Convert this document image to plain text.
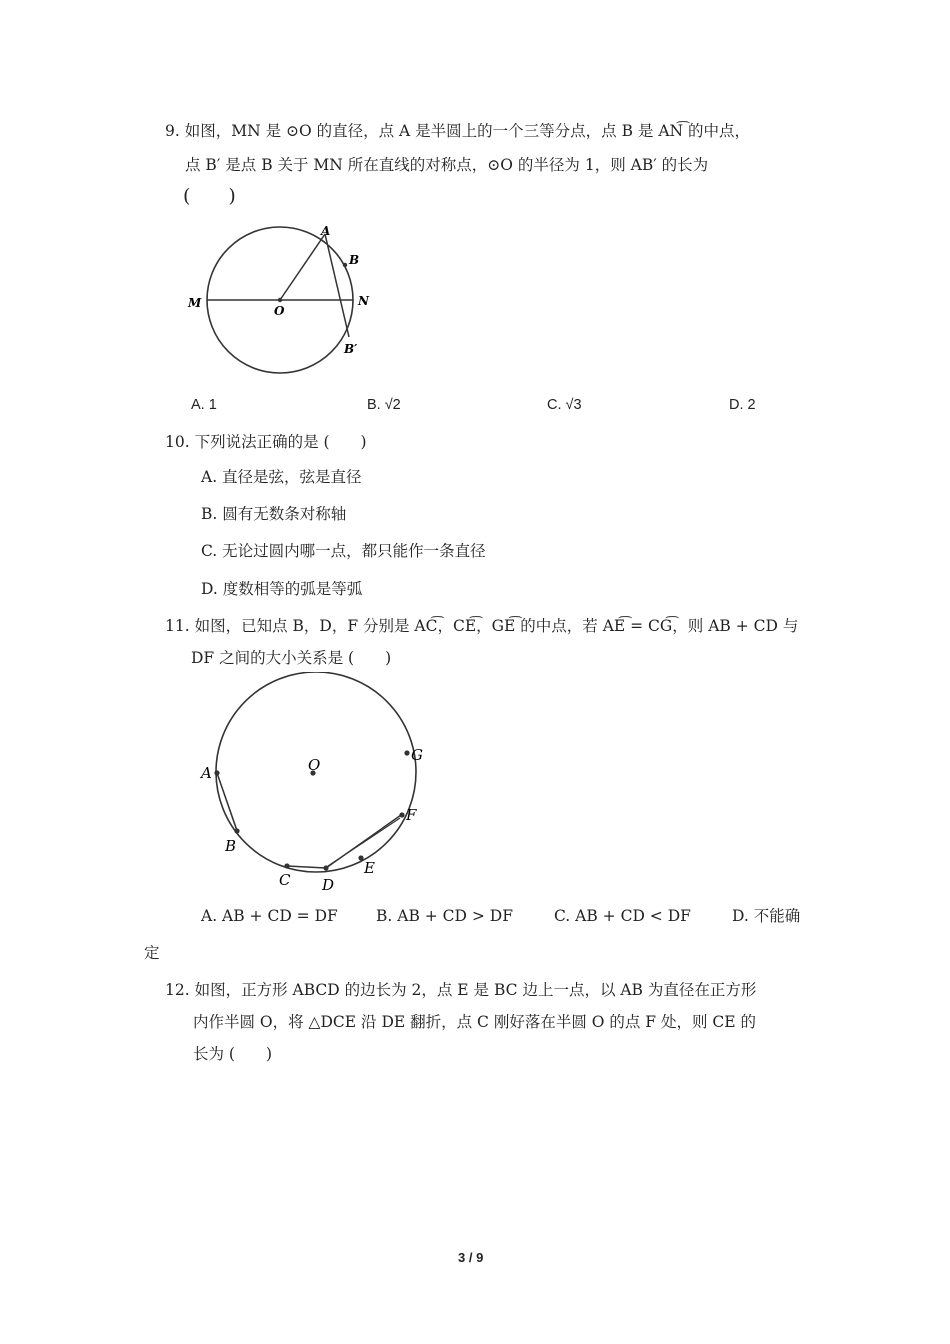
9. 如图，MN 是 ⊙O 的直径，点 A 是半圆上的一个三等分点，点 B 是 AN͡ 的中点，
点 B′ 是点 B 关于 MN 所在直线的对称点，⊙O 的半径为 1，则 AB′ 的长为
(　　)
A
B
M
O
N
B′
A. 1	B. √2	C. √3	D. 2
10. 下列说法正确的是 (　　)
A. 直径是弦，弦是直径
B. 圆有无数条对称轴
C. 无论过圆内哪一点，都只能作一条直径
D. 度数相等的弧是等弧
11. 如图，已知点 B，D，F 分别是 AC͡，CE͡，GE͡ 的中点，若 AE͡ = CG͡，则 AB + CD 与
DF 之间的大小关系是 (　　)
O
G
A
F
B
E
C D
A. AB + CD = DF B. AB + CD > DF	C. AB + CD < DF	D. 不能确
定
12. 如图，正方形 ABCD 的边长为 2，点 E 是 BC 边上一点，以 AB 为直径在正方形
内作半圆 O，将 △DCE 沿 DE 翻折，点 C 刚好落在半圆 O 的点 F 处，则 CE 的
长为 (　　)
3 / 9
